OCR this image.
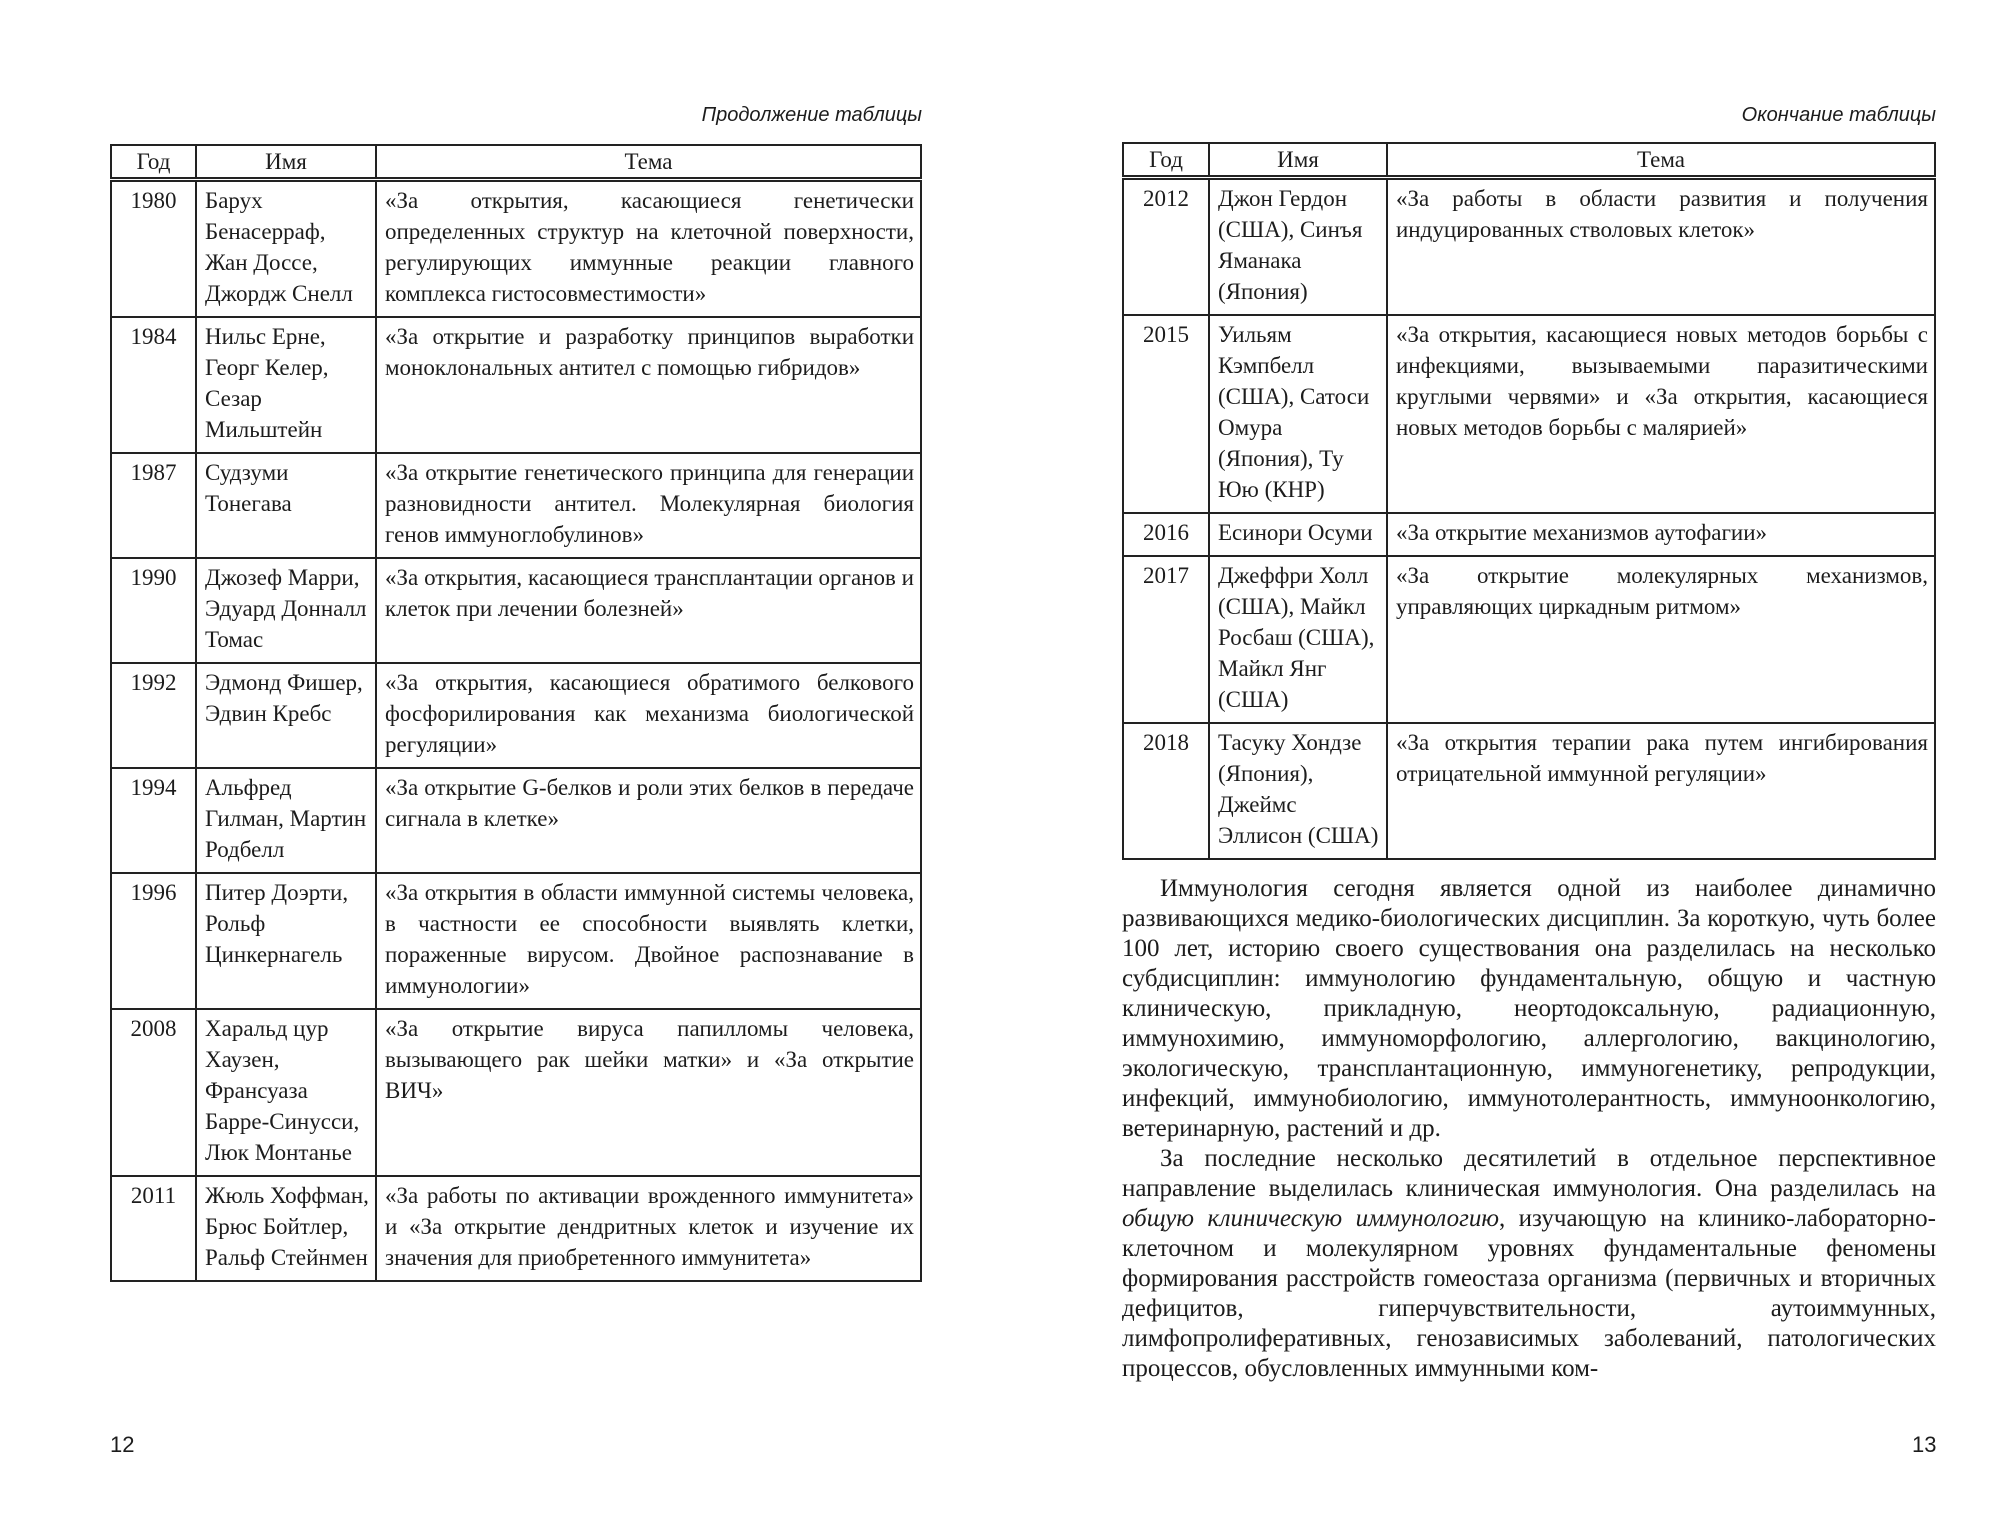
Продолжение таблицы
Год	Имя	Тема
1980	Барух Бенасерраф, Жан Доссе, Джордж Снелл	«За открытия, касающиеся генетически определенных структур на клеточной поверхности, регулирующих иммунные реакции главного комплекса гистосовместимости»
1984	Нильс Ерне, Георг Келер, Сезар Мильштейн	«За открытие и разработку принципов выработки моноклональных антител с помощью гибридов»
1987	Судзуми Тонегава	«За открытие генетического принципа для генерации разновидности антител. Молекулярная биология генов иммуноглобулинов»
1990	Джозеф Марри, Эдуард Донналл Томас	«За открытия, касающиеся трансплантации органов и клеток при лечении болезней»
1992	Эдмонд Фишер, Эдвин Кребс	«За открытия, касающиеся обратимого белкового фосфорилирования как механизма биологической регуляции»
1994	Альфред Гилман, Мартин Родбелл	«За открытие G-белков и роли этих белков в передаче сигнала в клетке»
1996	Питер Доэрти, Рольф Цинкернагель	«За открытия в области иммунной системы человека, в частности ее способности выявлять клетки, пораженные вирусом. Двойное распознавание в иммунологии»
2008	Харальд цур Хаузен, Франсуаза Барре-Синусси, Люк Монтанье	«За открытие вируса папилломы человека, вызывающего рак шейки матки» и «За открытие ВИЧ»
2011	Жюль Хоффман, Брюс Бойтлер, Ральф Стейнмен	«За работы по активации врожденного иммунитета» и «За открытие дендритных клеток и изучение их значения для приобретенного иммунитета»
12
Окончание таблицы
Год	Имя	Тема
2012	Джон Гердон (США), Синъя Яманака (Япония)	«За работы в области развития и получения индуцированных стволовых клеток»
2015	Уильям Кэмпбелл (США), Сатоси Омура (Япония), Ту Юю (КНР)	«За открытия, касающиеся новых методов борьбы с инфекциями, вызываемыми паразитическими круглыми червями» и «За открытия, касающиеся новых методов борьбы с малярией»
2016	Есинори Осуми	«За открытие механизмов аутофагии»
2017	Джеффри Холл (США), Майкл Росбаш (США), Майкл Янг (США)	«За открытие молекулярных механизмов, управляющих циркадным ритмом»
2018	Тасуку Хондзе (Япония), Джеймс Эллисон (США)	«За открытия терапии рака путем ингибирования отрицательной иммунной регуляции»

Иммунология сегодня является одной из наиболее динамично развивающихся медико-биологических дисциплин. За короткую, чуть более 100 лет, историю своего существования она разделилась на несколько субдисциплин: иммунологию фундаментальную, общую и частную клиническую, прикладную, неортодоксальную, радиационную, иммунохимию, иммуноморфологию, аллергологию, вакцинологию, экологическую, трансплантационную, иммуногенетику, репродукции, инфекций, иммунобиологию, иммунотолерантность, иммуноонкологию, ветеринарную, растений и др.

За последние несколько десятилетий в отдельное перспективное направление выделилась клиническая иммунология. Она разделилась на общую клиническую иммунологию, изучающую на клинико-лабораторно-клеточном и молекулярном уровнях фундаментальные феномены формирования расстройств гомеостаза организма (первичных и вторичных дефицитов, гиперчувствительности, аутоиммунных, лимфопролиферативных, генозависимых заболеваний, патологических процессов, обусловленных иммунными ком-

13
